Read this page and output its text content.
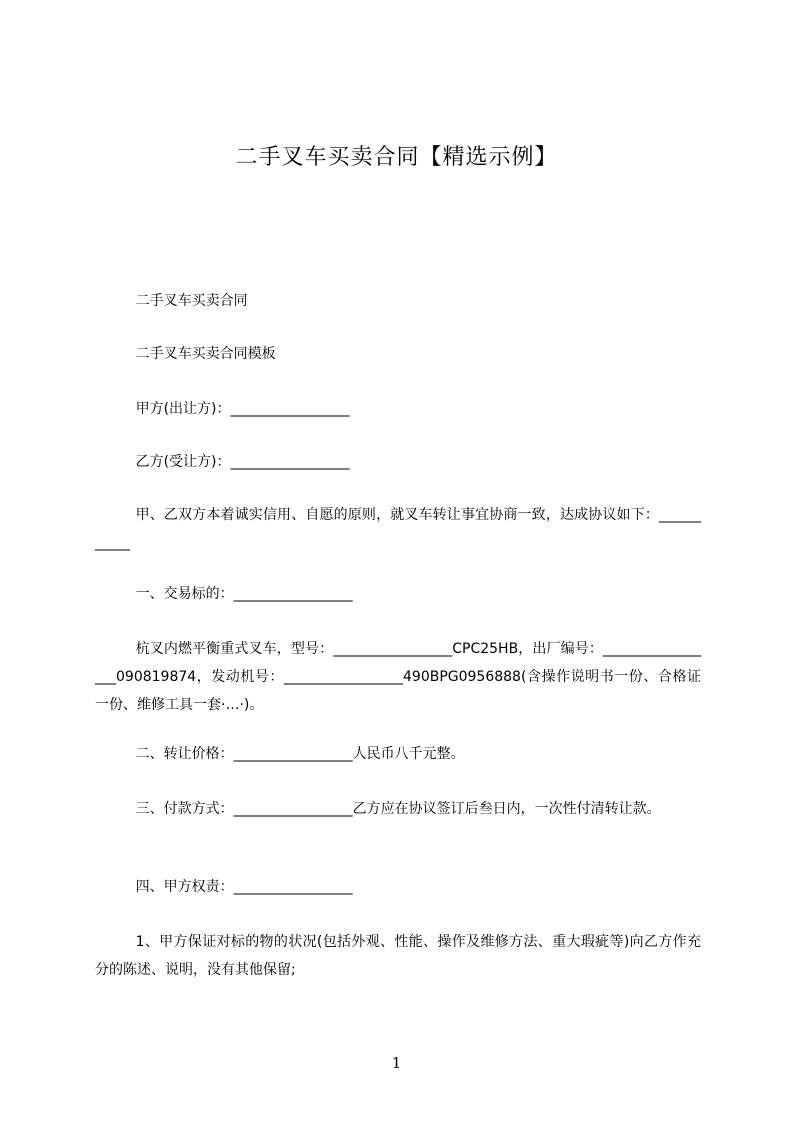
二手叉车买卖合同【精选示例】
二手叉车买卖合同
二手叉车买卖合同模板
甲方(出让方)：_________________
乙方(受让方)：_________________
甲、乙双方本着诚实信用、自愿的原则，就叉车转让事宜协商一致，达成协议如下：___________
一、交易标的：_________________
杭叉内燃平衡重式叉车，型号：_________________CPC25HB，出厂编号：_________________090819874，发动机号：_________________490BPG0956888(含操作说明书一份、合格证一份、维修工具一套·…·)。
二、转让价格：_________________人民币八千元整。
三、付款方式：_________________乙方应在协议签订后叁日内，一次性付清转让款。
四、甲方权责：_________________
1、甲方保证对标的物的状况(包括外观、性能、操作及维修方法、重大瑕疵等)向乙方作充分的陈述、说明，没有其他保留;
1
